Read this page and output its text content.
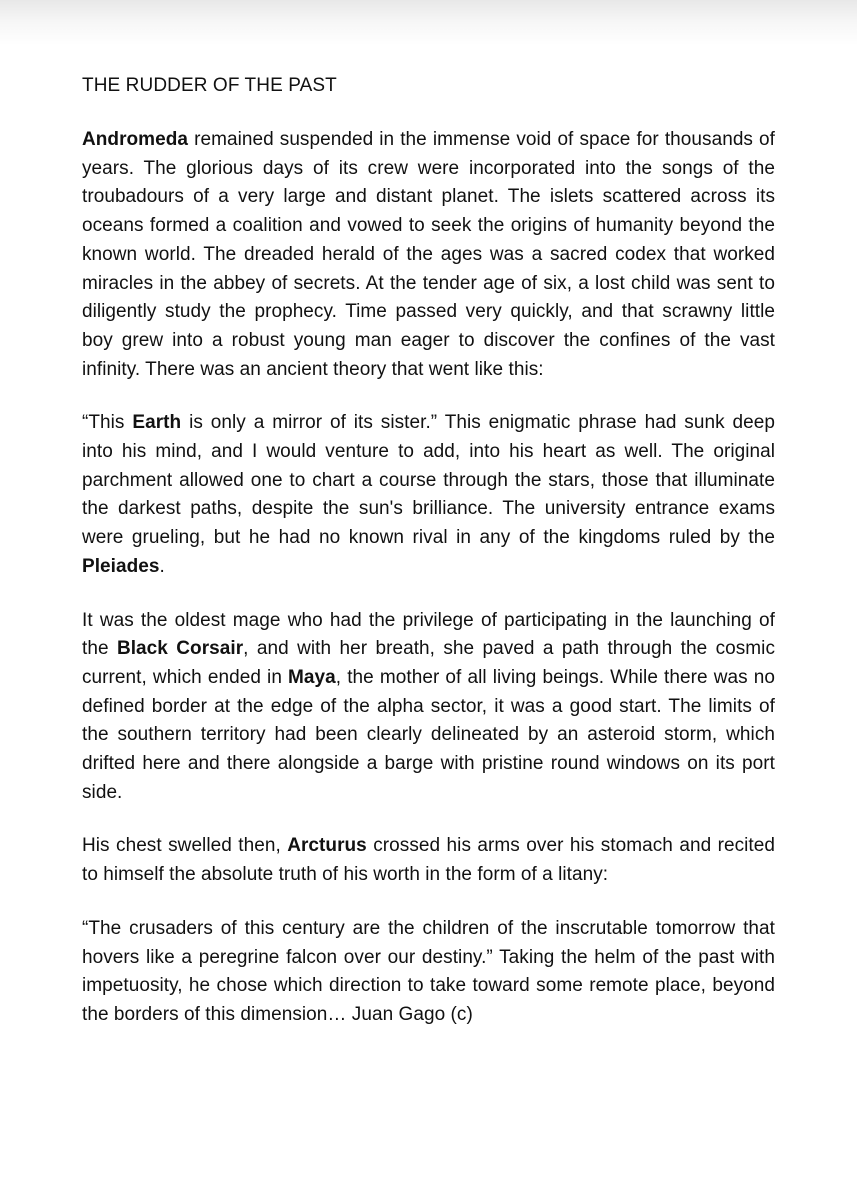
THE RUDDER OF THE PAST

Andromeda remained suspended in the immense void of space for thousands of years. The glorious days of its crew were incorporated into the songs of the troubadours of a very large and distant planet. The islets scattered across its oceans formed a coalition and vowed to seek the origins of humanity beyond the known world. The dreaded herald of the ages was a sacred codex that worked miracles in the abbey of secrets. At the tender age of six, a lost child was sent to diligently study the prophecy. Time passed very quickly, and that scrawny little boy grew into a robust young man eager to discover the confines of the vast infinity. There was an ancient theory that went like this:

“This Earth is only a mirror of its sister.” This enigmatic phrase had sunk deep into his mind, and I would venture to add, into his heart as well. The original parchment allowed one to chart a course through the stars, those that illuminate the darkest paths, despite the sun's brilliance. The university entrance exams were grueling, but he had no known rival in any of the kingdoms ruled by the Pleiades.

It was the oldest mage who had the privilege of participating in the launching of the Black Corsair, and with her breath, she paved a path through the cosmic current, which ended in Maya, the mother of all living beings. While there was no defined border at the edge of the alpha sector, it was a good start. The limits of the southern territory had been clearly delineated by an asteroid storm, which drifted here and there alongside a barge with pristine round windows on its port side.

His chest swelled then, Arcturus crossed his arms over his stomach and recited to himself the absolute truth of his worth in the form of a litany:

“The crusaders of this century are the children of the inscrutable tomorrow that hovers like a peregrine falcon over our destiny.” Taking the helm of the past with impetuosity, he chose which direction to take toward some remote place, beyond the borders of this dimension… Juan Gago (c)
